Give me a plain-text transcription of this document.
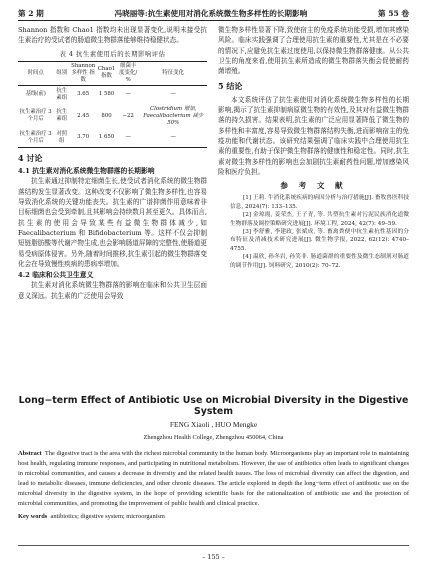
第 2 期	冯晓丽等:抗生素使用对消化系统微生物多样性的长期影响	第 55 卷

Shannon 指数和 Chao1 指数均未出现显著变化,说明未接受抗生素治疗的受试者的肠道微生物群落能够维持稳健状态。

表 4 抗生素使用后的长期影响评估
时间点	组别	Shannon 多样性 指数	Chao1 指数	细菌丰 度变化/ %	特征变化
基线(前)	抗生 素组	3.65	1 580	—	—
抗生素治疗 3 个月后	抗生 素组	2.45	800	−22	Clostridium 增加, Faecalibacterium 减少 50%
抗生素治疗 3 个月后	对照 组	3.70	1 650	—	—
4 讨论
4.1 抗生素对消化系统微生物群落的长期影响

抗生素通过抑制特定细菌生长,使受试者消化系统的微生物群落结构发生显著改变。这种改变不仅影响了微生物多样性,也容易导致消化系统的关键功能丧失。抗生素的广谱抑菌作用意味着非目标细菌也会受到牵制,且其影响会持续数月甚至更久。具体而言,抗生素的使用会导致某些有益微生物群体减少,如 Faecalibacterium 和 Bifidobacterium 等。这样不仅会抑制短链脂肪酸等代谢产物生成,也会影响肠道屏障的完整性,使肠道更易受病原体侵害。另外,随着时间推移,抗生素引起的微生物群落变化会在导致慢性疾病的患病率增加。

4.2 临床和公共卫生意义

抗生素对消化系统微生物群落的影响在临床和公共卫生层面意义深远。抗生素的广泛使用会导致

微生物多样性显著下降,致使宿主的免疫系统功能受损,增加其感染风险。临床实践强调了合理使用抗生素的重要性,尤其是在不必要的情况下,应避免抗生素过度使用,以保持微生物群落健康。从公共卫生的角度来看,使用抗生素所造成的微生物群落失衡会促使耐药菌增殖。

5 结论

本文系统评估了抗生素使用对消化系统微生物多样性的长期影响,揭示了抗生素抑制病原微生物的有效性,及其对有益微生物群落的持久损害。结果表明,抗生素的广泛应用显著降低了微生物的多样性和丰富度,容易导致微生物群落结构失衡,进而影响宿主的免疫功能和代谢状态。该研究结果强调了临床实践中合理使用抗生素的重要性,有助于保护微生物群落的健康性和稳定性。同时,抗生素对微生物多样性的影响也会加剧抗生素耐药性问题,增加感染风险和医疗负担。

参 考 文 献

[1] 王莉. 牛消化系统疾病的病因分析与治疗措施[J]. 畜牧兽医科技信息, 2024(7): 133–135.

[2] 金琼霞, 姜荣杰, 王子青, 等. 共塑抗生素对污泥民族消化道微生物群落及调控策略研究进展[J]. 环境工程, 2024, 42(7): 49–59.

[3] 李舒雅, 李建政, 张斌成, 等. 畜禽粪便中抗生素抗性基因的分布特征及消减技术研究进展[J]. 微生物学报, 2022, 62(12): 4740–4755.

[4] 温欣, 孙冬岩, 孙笑非. 肠道菌群的重要性及微生态制剂对肠道的调节作用[J]. 饲料研究, 2010(2): 70–72.

Long−term Effect of Antibiotic Use on Microbial Diversity in the Digestive System

FENG Xiaoli , HUO Mengke

Zhengzhou Health College, Zhengzhou 450064, China

Abstract The digestive tract is the area with the richest microbial community in the human body. Microorganisms play an important role in maintaining host health, regulating immune responses, and participating in nutritional metabolism. However, the use of antibiotics often leads to significant changes in microbial communities, and causes a decrease in diversity and the related health issues. The loss of microbial diversity can affect the digestion, and lead to metabolic diseases, immune deficiencies, and other chronic diseases. The article explored in depth the long−term effect of antibiotic use on the microbial diversity in the digestive system, in the hope of providing scientific basis for the rationalization of antibiotic use and the protection of microbial communities, and promoting the improvement of public health and clinical practice.

Key words antibiotics; digestive system; microorganism

– 155 –
